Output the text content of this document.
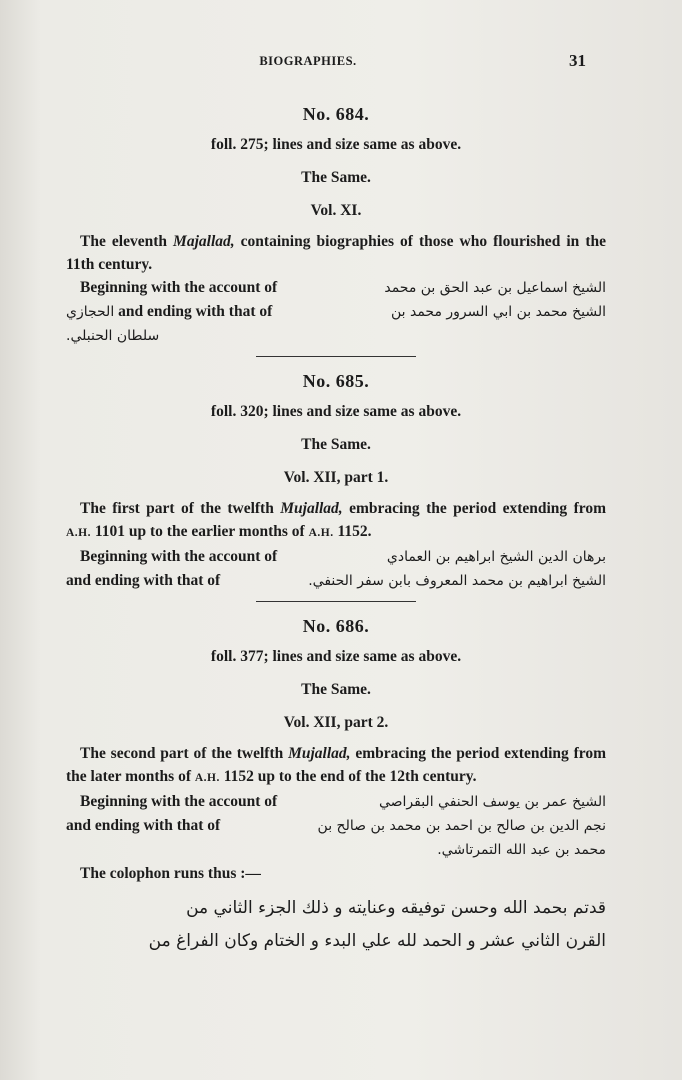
BIOGRAPHIES.	31
No. 684.
foll. 275; lines and size same as above.
The Same.
Vol. XI.

The eleventh Majallad, containing biographies of those who flourished in the 11th century.

Beginning with the account of	الشيخ اسماعيل بن عبد الحق بن محمد
الحجازي and ending with that of	الشيخ محمد بن ابي السرور محمد بن
سلطان الحنبلي.
No. 685.
foll. 320; lines and size same as above.
The Same.
Vol. XII, part 1.

The first part of the twelfth Mujallad, embracing the period extending from A.H. 1101 up to the earlier months of A.H. 1152.

Beginning with the account of	برهان الدين الشيخ ابراهيم بن العمادي
and ending with that of	الشيخ ابراهيم بن محمد المعروف بابن سفر الحنفي.
No. 686.
foll. 377; lines and size same as above.
The Same.
Vol. XII, part 2.

The second part of the twelfth Mujallad, embracing the period extending from the later months of A.H. 1152 up to the end of the 12th century.

Beginning with the account of	الشيخ عمر بن يوسف الحنفي البقراصي
and ending with that of	نجم الدين بن صالح بن احمد بن محمد بن صالح بن
محمد بن عبد الله التمرتاشي.
The colophon runs thus :—
قدتم بحمد الله وحسن توفيقه وعنايته و ذلك الجزء الثاني من
القرن الثاني عشر و الحمد لله علي البدء و الختام وكان الفراغ من
